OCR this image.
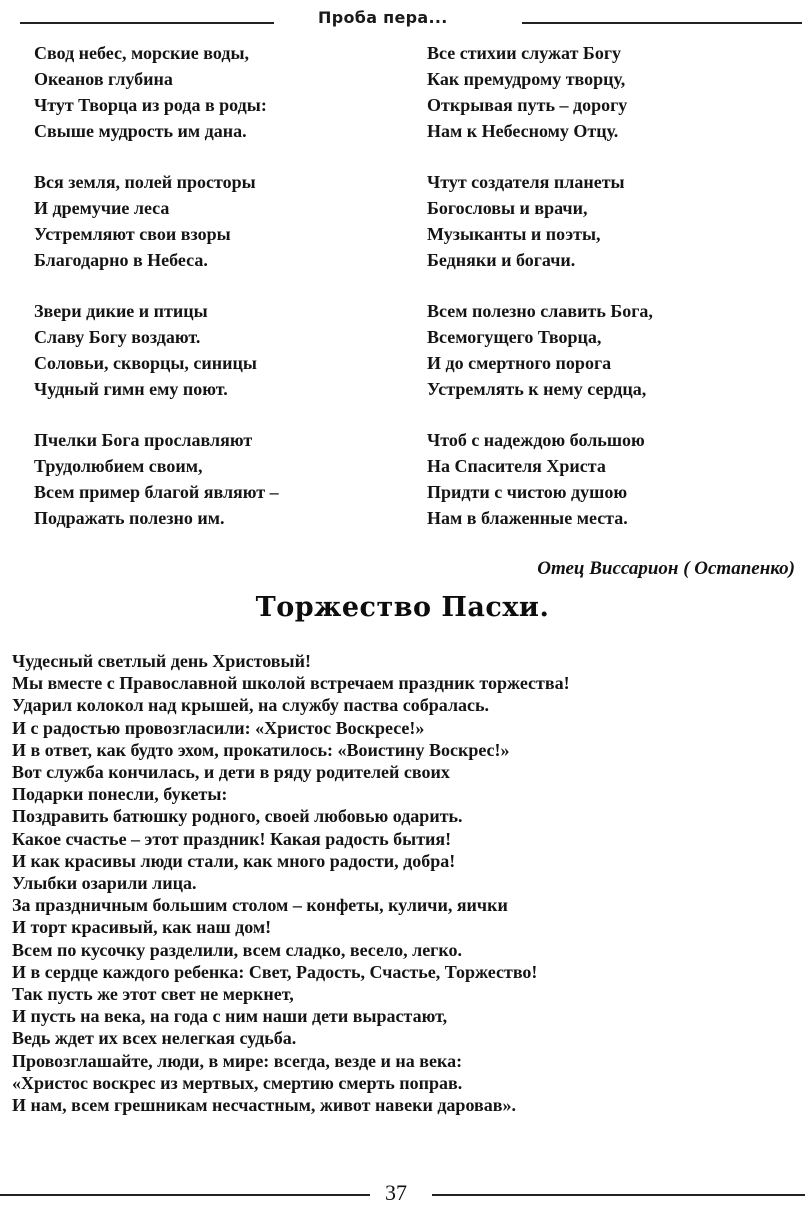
Проба пера...
Свод небес, морские воды,
Океанов глубина
Чтут Творца из рода в роды:
Свыше мудрость им дана.
Вся земля, полей просторы
И дремучие леса
Устремляют свои взоры
Благодарно в Небеса.
Звери дикие и птицы
Славу Богу воздают.
Соловьи, скворцы, синицы
Чудный гимн ему поют.
Пчелки Бога прославляют
Трудолюбием своим,
Всем пример благой являют –
Подражать полезно им.
Все стихии служат Богу
Как премудрому творцу,
Открывая путь – дорогу
Нам к Небесному Отцу.
Чтут создателя планеты
Богословы и врачи,
Музыканты и поэты,
Бедняки и богачи.
Всем полезно славить Бога,
Всемогущего Творца,
И до смертного порога
Устремлять к нему сердца,
Чтоб с надеждою большою
На Спасителя Христа
Придти с чистою душою
Нам в блаженные места.
Отец Виссарион ( Остапенко)
Торжество Пасхи.
Чудесный светлый день Христовый!
Мы вместе с Православной школой встречаем праздник торжества!
Ударил колокол над крышей, на службу паства собралась.
И с радостью провозгласили: «Христос Воскресе!»
И в ответ, как будто эхом, прокатилось: «Воистину Воскрес!»
Вот служба кончилась, и дети в ряду родителей своих
Подарки понесли, букеты:
Поздравить батюшку родного, своей любовью одарить.
Какое счастье – этот праздник! Какая радость бытия!
И как красивы люди стали, как много радости, добра!
Улыбки озарили лица.
За праздничным большим столом – конфеты, куличи, яички
И торт красивый, как наш дом!
Всем по кусочку разделили, всем сладко, весело, легко.
И в сердце каждого ребенка: Свет, Радость, Счастье, Торжество!
Так пусть же этот свет не меркнет,
И пусть на века, на года с ним наши дети вырастают,
Ведь ждет их всех нелегкая судьба.
Провозглашайте, люди, в мире: всегда, везде и на века:
«Христос воскрес из мертвых, смертию смерть поправ.
И нам, всем грешникам несчастным, живот навеки даровав».
37
